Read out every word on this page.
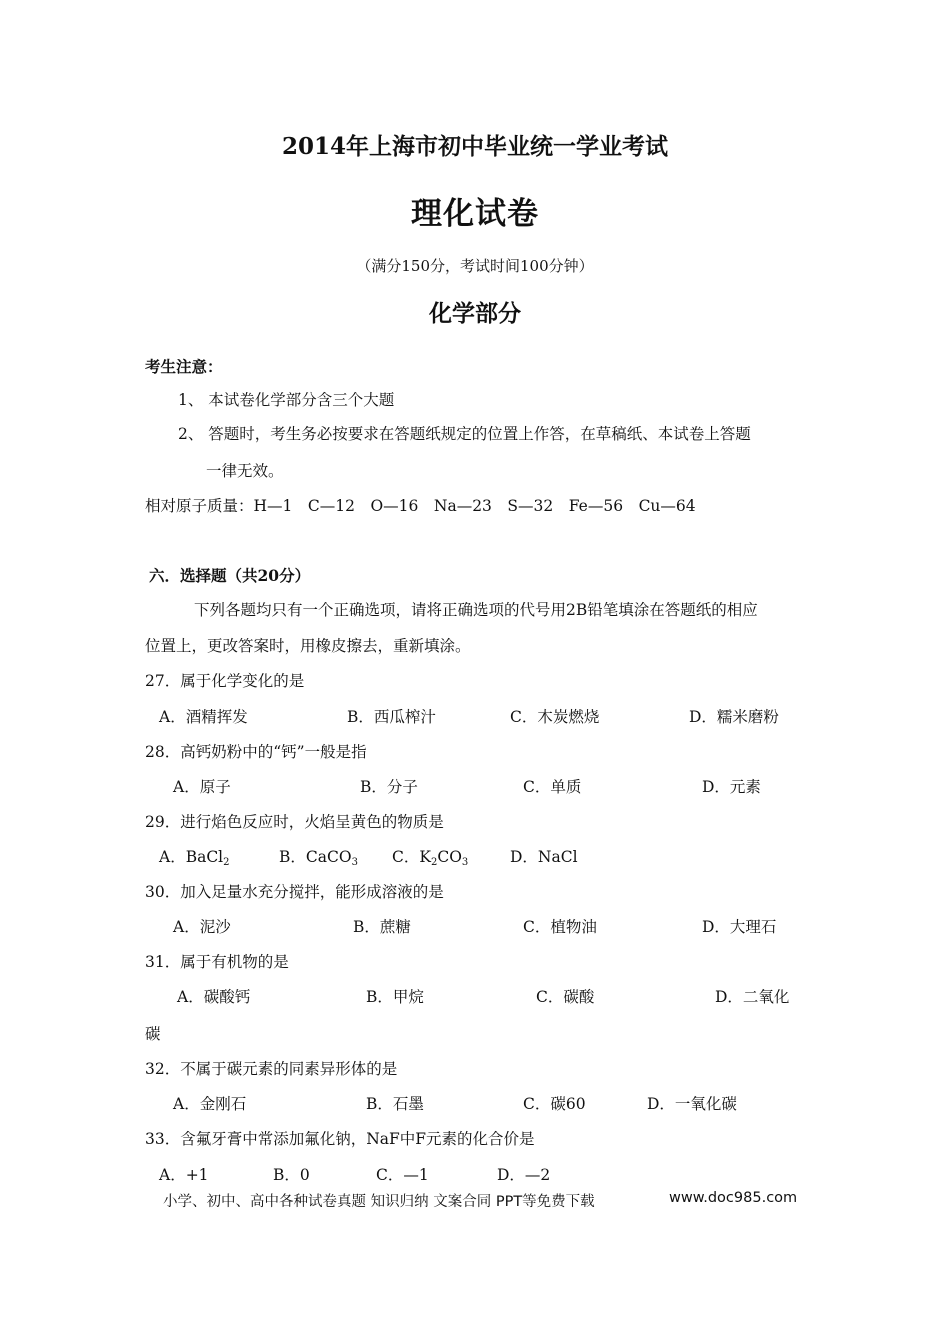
2014年上海市初中毕业统一学业考试
理化试卷
（满分150分，考试时间100分钟）
化学部分
考生注意：
1、 本试卷化学部分含三个大题
2、 答题时，考生务必按要求在答题纸规定的位置上作答，在草稿纸、本试卷上答题
一律无效。
相对原子质量：H—1　C—12　O—16　Na—23　S—32　Fe—56　Cu—64
六．选择题（共20分）
下列各题均只有一个正确选项，请将正确选项的代号用2B铅笔填涂在答题纸的相应
位置上，更改答案时，用橡皮擦去，重新填涂。
27．属于化学变化的是
A．酒精挥发	B．西瓜榨汁	C．木炭燃烧	D．糯米磨粉
28．高钙奶粉中的“钙”一般是指
A．原子	B．分子	C．单质	D．元素
29．进行焰色反应时，火焰呈黄色的物质是
A．BaCl$_2$	B．CaCO$_3$ C．$K_2CO_3$	D．NaCl
30．加入足量水充分搅拌，能形成溶液的是
A．泥沙	B．蔗糖	C．植物油	D．大理石
31．属于有机物的是
A．碳酸钙	B．甲烷	C．碳酸	D．二氧化
碳
32．不属于碳元素的同素异形体的是
A．金刚石	B．石墨	C．碳60	D．一氧化碳
33．含氟牙膏中常添加氟化钠，NaF中F元素的化合价是
A．+1	B．0	C．—1	D．—2
小学、初中、高中各种试卷真题 知识归纳 文案合同 PPT等免费下载	www.doc985.com
